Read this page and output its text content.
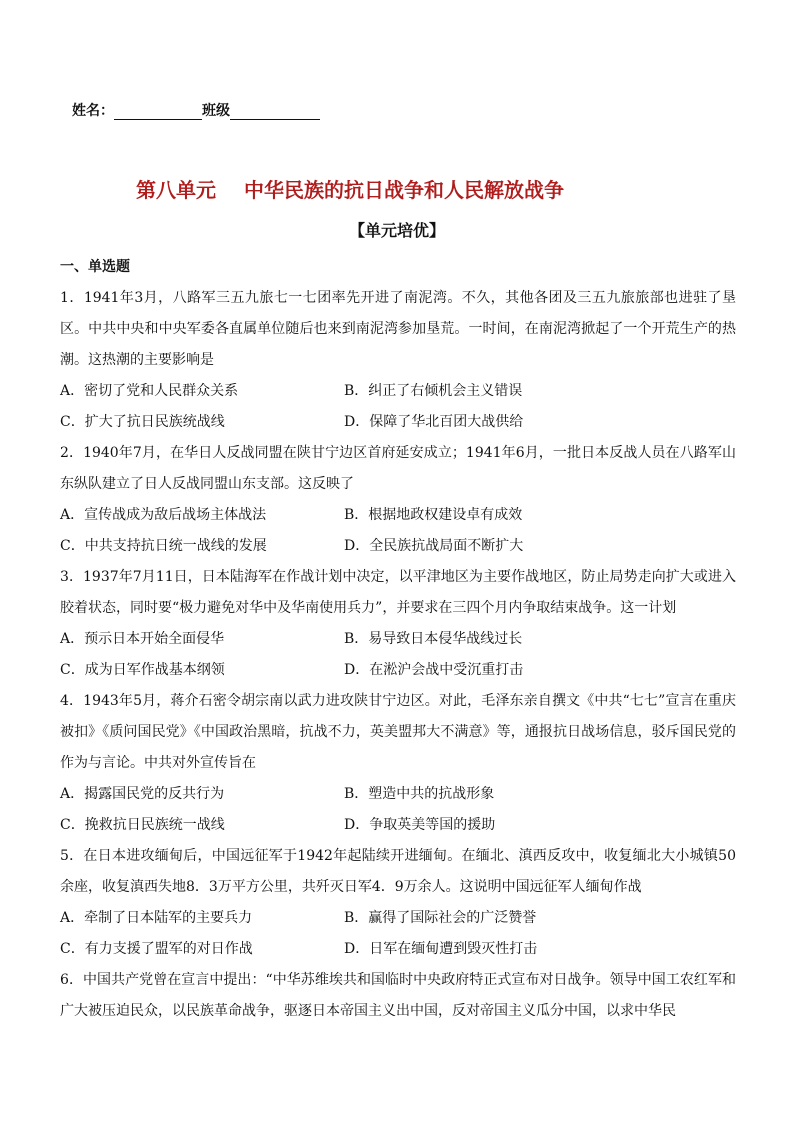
姓名：	班级
第八单元 中华民族的抗日战争和人民解放战争
【单元培优】
一、单选题
1．1941年3月，八路军三五九旅七一七团率先开进了南泥湾。不久，其他各团及三五九旅旅部也进驻了垦区。中共中央和中央军委各直属单位随后也来到南泥湾参加垦荒。一时间，在南泥湾掀起了一个开荒生产的热潮。这热潮的主要影响是
A．密切了党和人民群众关系	B．纠正了右倾机会主义错误
C．扩大了抗日民族统战线	D．保障了华北百团大战供给
2．1940年7月，在华日人反战同盟在陕甘宁边区首府延安成立；1941年6月，一批日本反战人员在八路军山东纵队建立了日人反战同盟山东支部。这反映了
A．宣传战成为敌后战场主体战法	B．根据地政权建设卓有成效
C．中共支持抗日统一战线的发展	D．全民族抗战局面不断扩大
3．1937年7月11日，日本陆海军在作战计划中决定，以平津地区为主要作战地区，防止局势走向扩大或进入胶着状态，同时要“极力避免对华中及华南使用兵力”，并要求在三四个月内争取结束战争。这一计划
A．预示日本开始全面侵华	B．易导致日本侵华战线过长
C．成为日军作战基本纲领	D．在淞沪会战中受沉重打击
4．1943年5月，蒋介石密令胡宗南以武力进攻陕甘宁边区。对此，毛泽东亲自撰文《中共“七七”宣言在重庆被扣》《质问国民党》《中国政治黑暗，抗战不力，英美盟邦大不满意》等，通报抗日战场信息，驳斥国民党的作为与言论。中共对外宣传旨在
A．揭露国民党的反共行为	B．塑造中共的抗战形象
C．挽救抗日民族统一战线	D．争取英美等国的援助
5．在日本进攻缅甸后，中国远征军于1942年起陆续开进缅甸。在缅北、滇西反攻中，收复缅北大小城镇50余座，收复滇西失地8．3万平方公里，共歼灭日军4．9万余人。这说明中国远征军人缅甸作战
A．牵制了日本陆军的主要兵力	B．赢得了国际社会的广泛赞誉
C．有力支援了盟军的对日作战	D．日军在缅甸遭到毁灭性打击
6．中国共产党曾在宣言中提出：“中华苏维埃共和国临时中央政府特正式宣布对日战争。领导中国工农红军和广大被压迫民众，以民族革命战争，驱逐日本帝国主义出中国，反对帝国主义瓜分中国，以求中华民
